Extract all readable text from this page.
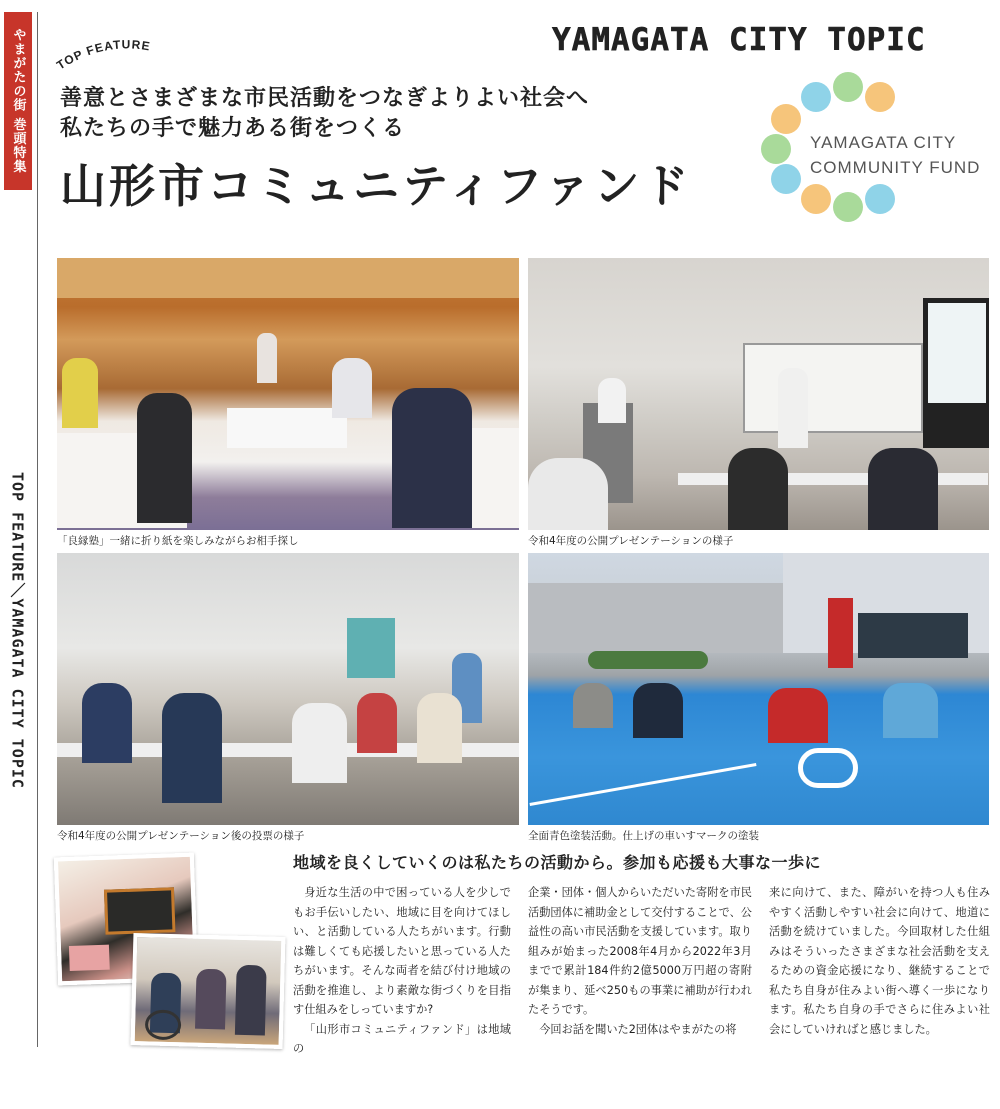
やまがたの街 巻頭特集
TOP FEATURE／YAMAGATA CITY TOPIC
TOP FEATURE	YAMAGATA CITY TOPIC
善意とさまざまな市民活動をつなぎよりよい社会へ
私たちの手で魅力ある街をつくる
山形市コミュニティファンド
YAMAGATA CITY
COMMUNITY FUND
「良縁塾」一緒に折り紙を楽しみながらお相手探し	令和4年度の公開プレゼンテーションの様子
令和4年度の公開プレゼンテーション後の投票の様子	全面青色塗装活動。仕上げの車いすマークの塗装
地域を良くしていくのは私たちの活動から。参加も応援も大事な一歩に

身近な生活の中で困っている人を少しでもお手伝いしたい、地域に目を向けてほしい、と活動している人たちがいます。行動は難しくても応援したいと思っている人たちがいます。そんな両者を結び付け地域の活動を推進し、より素敵な街づくりを目指す仕組みをしっていますか?

「山形市コミュニティファンド」は地域の

企業・団体・個人からいただいた寄附を市民活動団体に補助金として交付することで、公益性の高い市民活動を支援しています。取り組みが始まった2008年4月から2022年3月までで累計184件約2億5000万円超の寄附が集まり、延べ250もの事業に補助が行われたそうです。

今回お話を聞いた2団体はやまがたの将

来に向けて、また、障がいを持つ人も住みやすく活動しやすい社会に向けて、地道に活動を続けていました。今回取材した仕組みはそういったさまざまな社会活動を支えるための資金応援になり、継続することで私たち自身が住みよい街へ導く一歩になります。私たち自身の手でさらに住みよい社会にしていければと感じました。
